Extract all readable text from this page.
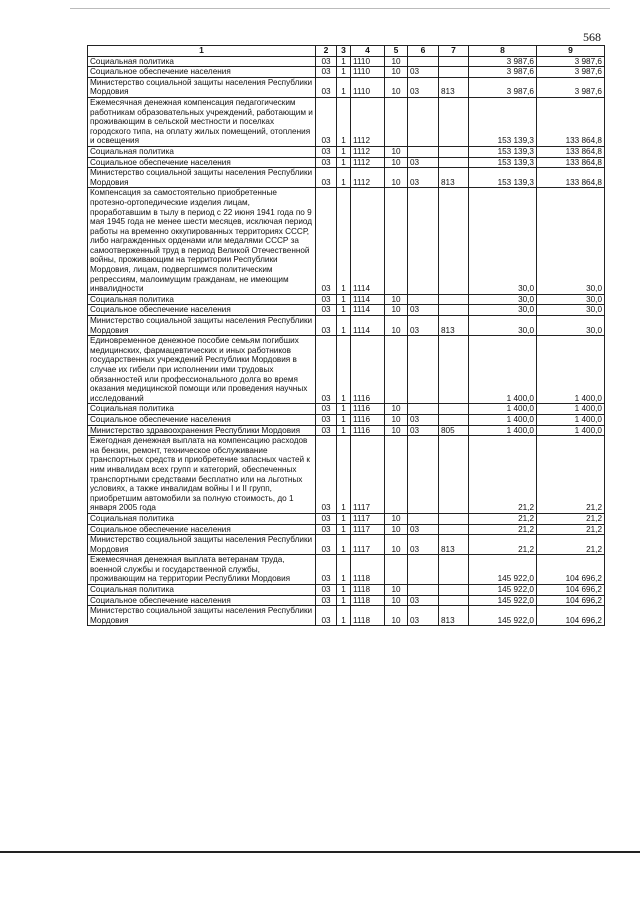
568
1	2	3	4	5	6	7	8	9
Социальная политика	03	1	1110	10			3 987,6	3 987,6
Социальное обеспечение населения	03	1	1110	10	03		3 987,6	3 987,6
Министерство социальной защиты населения Республики Мордовия	03	1	1110	10	03	813	3 987,6	3 987,6
Ежемесячная денежная компенсация педагогическим работникам образовательных учреждений, работающим и проживающим в сельской местности и поселках городского типа, на оплату жилых помещений, отопления и освещения	03	1	1112				153 139,3	133 864,8
Социальная политика	03	1	1112	10			153 139,3	133 864,8
Социальное обеспечение населения	03	1	1112	10	03		153 139,3	133 864,8
Министерство социальной защиты населения Республики Мордовия	03	1	1112	10	03	813	153 139,3	133 864,8
Компенсация за самостоятельно приобретенные протезно-ортопедические изделия лицам, проработавшим в тылу в период с 22 июня 1941 года по 9 мая 1945 года не менее шести месяцев, исключая период работы на временно оккупированных территориях СССР, либо награжденных орденами или медалями СССР за самоотверженный труд в период Великой Отечественной войны, проживающим на территории Республики Мордовия, лицам, подвергшимся политическим репрессиям, малоимущим гражданам, не имеющим инвалидности	03	1	1114				30,0	30,0
Социальная политика	03	1	1114	10			30,0	30,0
Социальное обеспечение населения	03	1	1114	10	03		30,0	30,0
Министерство социальной защиты населения Республики Мордовия	03	1	1114	10	03	813	30,0	30,0
Единовременное денежное пособие семьям погибших медицинских, фармацевтических и иных работников государственных учреждений Республики Мордовия в случае их гибели при исполнении ими трудовых обязанностей или профессионального долга во время оказания медицинской помощи или проведения научных исследований	03	1	1116				1 400,0	1 400,0
Социальная политика	03	1	1116	10			1 400,0	1 400,0
Социальное обеспечение населения	03	1	1116	10	03		1 400,0	1 400,0
Министерство здравоохранения Республики Мордовия	03	1	1116	10	03	805	1 400,0	1 400,0
Ежегодная денежная выплата на компенсацию расходов на бензин, ремонт, техническое обслуживание транспортных средств и приобретение запасных частей к ним инвалидам всех групп и категорий, обеспеченных транспортными средствами бесплатно или на льготных условиях, а также инвалидам войны I и II групп, приобретшим автомобили за полную стоимость, до 1 января 2005 года	03	1	1117				21,2	21,2
Социальная политика	03	1	1117	10			21,2	21,2
Социальное обеспечение населения	03	1	1117	10	03		21,2	21,2
Министерство социальной защиты населения Республики Мордовия	03	1	1117	10	03	813	21,2	21,2
Ежемесячная денежная выплата ветеранам труда, военной службы и государственной службы, проживающим на территории Республики Мордовия	03	1	1118				145 922,0	104 696,2
Социальная политика	03	1	1118	10			145 922,0	104 696,2
Социальное обеспечение населения	03	1	1118	10	03		145 922,0	104 696,2
Министерство социальной защиты населения Республики Мордовия	03	1	1118	10	03	813	145 922,0	104 696,2
